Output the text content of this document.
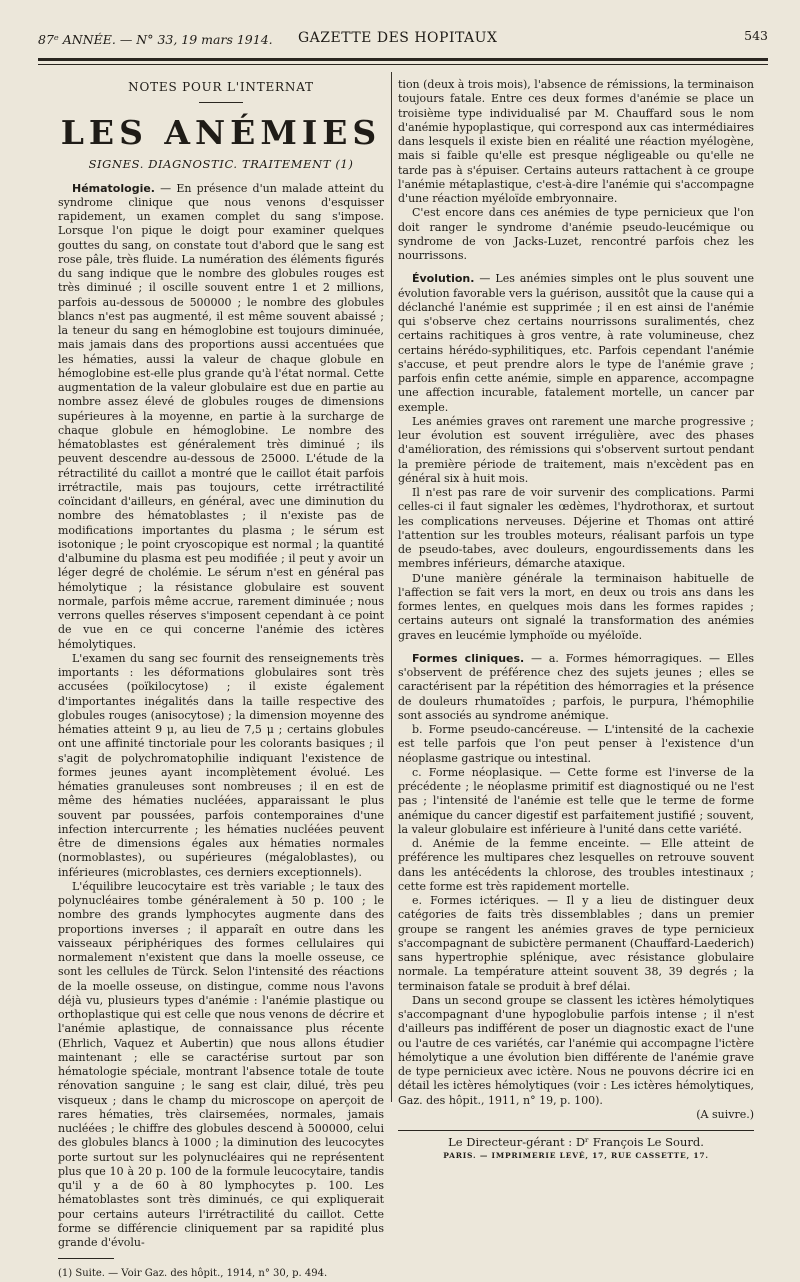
87ᵉ ANNÉE. — N° 33, 19 mars 1914. GAZETTE DES HOPITAUX	543
NOTES POUR L'INTERNAT
LES ANÉMIES
SIGNES. DIAGNOSTIC. TRAITEMENT (1)

Hématologie. — En présence d'un malade atteint du syndrome clinique que nous venons d'esquisser rapidement, un examen complet du sang s'impose. Lorsque l'on pique le doigt pour examiner quelques gouttes du sang, on constate tout d'abord que le sang est rose pâle, très fluide. La numération des éléments figurés du sang indique que le nombre des globules rouges est très diminué ; il oscille souvent entre 1 et 2 millions, parfois au-dessous de 500000 ; le nombre des globules blancs n'est pas augmenté, il est même souvent abaissé ; la teneur du sang en hémoglobine est toujours diminuée, mais jamais dans des proportions aussi accentuées que les hématies, aussi la valeur de chaque globule en hémoglobine est-elle plus grande qu'à l'état normal. Cette augmentation de la valeur globulaire est due en partie au nombre assez élevé de globules rouges de dimensions supérieures à la moyenne, en partie à la surcharge de chaque globule en hémoglobine. Le nombre des hématoblastes est généralement très diminué ; ils peuvent descendre au-dessous de 25000. L'étude de la rétractilité du caillot a montré que le caillot était parfois irrétractile, mais pas toujours, cette irrétractilité coïncidant d'ailleurs, en général, avec une diminution du nombre des hématoblastes ; il n'existe pas de modifications importantes du plasma ; le sérum est isotonique ; le point cryoscopique est normal ; la quantité d'albumine du plasma est peu modifiée ; il peut y avoir un léger degré de cholémie. Le sérum n'est en général pas hémolytique ; la résistance globulaire est souvent normale, parfois même accrue, rarement diminuée ; nous verrons quelles réserves s'imposent cependant à ce point de vue en ce qui concerne l'anémie des ictères hémolytiques.

L'examen du sang sec fournit des renseignements très importants : les déformations globulaires sont très accusées (poïkilocytose) ; il existe également d'importantes inégalités dans la taille respective des globules rouges (anisocytose) ; la dimension moyenne des hématies atteint 9 μ, au lieu de 7,5 μ ; certains globules ont une affinité tinctoriale pour les colorants basiques ; il s'agit de polychromatophilie indiquant l'existence de formes jeunes ayant incomplètement évolué. Les hématies granuleuses sont nombreuses ; il en est de même des hématies nucléées, apparaissant le plus souvent par poussées, parfois contemporaines d'une infection intercurrente ; les hématies nucléées peuvent être de dimensions égales aux hématies normales (normoblastes), ou supérieures (mégaloblastes), ou inférieures (microblastes, ces derniers exceptionnels).

L'équilibre leucocytaire est très variable ; le taux des polynucléaires tombe généralement à 50 p. 100 ; le nombre des grands lymphocytes augmente dans des proportions inverses ; il apparaît en outre dans les vaisseaux périphériques des formes cellulaires qui normalement n'existent que dans la moelle osseuse, ce sont les cellules de Türck. Selon l'intensité des réactions de la moelle osseuse, on distingue, comme nous l'avons déjà vu, plusieurs types d'anémie : l'anémie plastique ou orthoplastique qui est celle que nous venons de décrire et l'anémie aplastique, de connaissance plus récente (Ehrlich, Vaquez et Aubertin) que nous allons étudier maintenant ; elle se caractérise surtout par son hématologie spéciale, montrant l'absence totale de toute rénovation sanguine ; le sang est clair, dilué, très peu visqueux ; dans le champ du microscope on aperçoit de rares hématies, très clairsemées, normales, jamais nucléées ; le chiffre des globules descend à 500000, celui des globules blancs à 1000 ; la diminution des leucocytes porte surtout sur les polynucléaires qui ne représentent plus que 10 à 20 p. 100 de la formule leucocytaire, tandis qu'il y a de 60 à 80 lymphocytes p. 100. Les hématoblastes sont très diminués, ce qui expliquerait pour certains auteurs l'irrétractilité du caillot. Cette forme se différencie cliniquement par sa rapidité plus grande d'évolu-

(1) Suite. — Voir Gaz. des hôpit., 1914, n° 30, p. 494.

tion (deux à trois mois), l'absence de rémissions, la terminaison toujours fatale. Entre ces deux formes d'anémie se place un troisième type individualisé par M. Chauffard sous le nom d'anémie hypoplastique, qui correspond aux cas intermédiaires dans lesquels il existe bien en réalité une réaction myélogène, mais si faible qu'elle est presque négligeable ou qu'elle ne tarde pas à s'épuiser. Certains auteurs rattachent à ce groupe l'anémie métaplastique, c'est-à-dire l'anémie qui s'accompagne d'une réaction myéloïde embryonnaire.

C'est encore dans ces anémies de type pernicieux que l'on doit ranger le syndrome d'anémie pseudo-leucémique ou syndrome de von Jacks-Luzet, rencontré parfois chez les nourrissons.

Évolution. — Les anémies simples ont le plus souvent une évolution favorable vers la guérison, aussitôt que la cause qui a déclanché l'anémie est supprimée ; il en est ainsi de l'anémie qui s'observe chez certains nourrissons suralimentés, chez certains rachitiques à gros ventre, à rate volumineuse, chez certains hérédo-syphilitiques, etc. Parfois cependant l'anémie s'accuse, et peut prendre alors le type de l'anémie grave ; parfois enfin cette anémie, simple en apparence, accompagne une affection incurable, fatalement mortelle, un cancer par exemple.

Les anémies graves ont rarement une marche progressive ; leur évolution est souvent irrégulière, avec des phases d'amélioration, des rémissions qui s'observent surtout pendant la première période de traitement, mais n'excèdent pas en général six à huit mois.

Il n'est pas rare de voir survenir des complications. Parmi celles-ci il faut signaler les œdèmes, l'hydrothorax, et surtout les complications nerveuses. Déjerine et Thomas ont attiré l'attention sur les troubles moteurs, réalisant parfois un type de pseudo-tabes, avec douleurs, engourdissements dans les membres inférieurs, démarche ataxique.

D'une manière générale la terminaison habituelle de l'affection se fait vers la mort, en deux ou trois ans dans les formes lentes, en quelques mois dans les formes rapides ; certains auteurs ont signalé la transformation des anémies graves en leucémie lymphoïde ou myéloïde.

Formes cliniques. — a. Formes hémorragiques. — Elles s'observent de préférence chez des sujets jeunes ; elles se caractérisent par la répétition des hémorragies et la présence de douleurs rhumatoïdes ; parfois, le purpura, l'hémophilie sont associés au syndrome anémique.

b. Forme pseudo-cancéreuse. — L'intensité de la cachexie est telle parfois que l'on peut penser à l'existence d'un néoplasme gastrique ou intestinal.

c. Forme néoplasique. — Cette forme est l'inverse de la précédente ; le néoplasme primitif est diagnostiqué ou ne l'est pas ; l'intensité de l'anémie est telle que le terme de forme anémique du cancer digestif est parfaitement justifié ; souvent, la valeur globulaire est inférieure à l'unité dans cette variété.

d. Anémie de la femme enceinte. — Elle atteint de préférence les multipares chez lesquelles on retrouve souvent dans les antécédents la chlorose, des troubles intestinaux ; cette forme est très rapidement mortelle.

e. Formes ictériques. — Il y a lieu de distinguer deux catégories de faits très dissemblables ; dans un premier groupe se rangent les anémies graves de type pernicieux s'accompagnant de subictère permanent (Chauffard-Laederich) sans hypertrophie splénique, avec résistance globulaire normale. La température atteint souvent 38, 39 degrés ; la terminaison fatale se produit à bref délai.

Dans un second groupe se classent les ictères hémolytiques s'accompagnant d'une hypoglobulie parfois intense ; il n'est d'ailleurs pas indifférent de poser un diagnostic exact de l'une ou l'autre de ces variétés, car l'anémie qui accompagne l'ictère hémolytique a une évolution bien différente de l'anémie grave de type pernicieux avec ictère. Nous ne pouvons décrire ici en détail les ictères hémolytiques (voir : Les ictères hémolytiques, Gaz. des hôpit., 1911, n° 19, p. 100).

(A suivre.)

Le Directeur-gérant : Dʳ François Le Sourd.

PARIS. — IMPRIMERIE LEVÉ, 17, RUE CASSETTE, 17.
